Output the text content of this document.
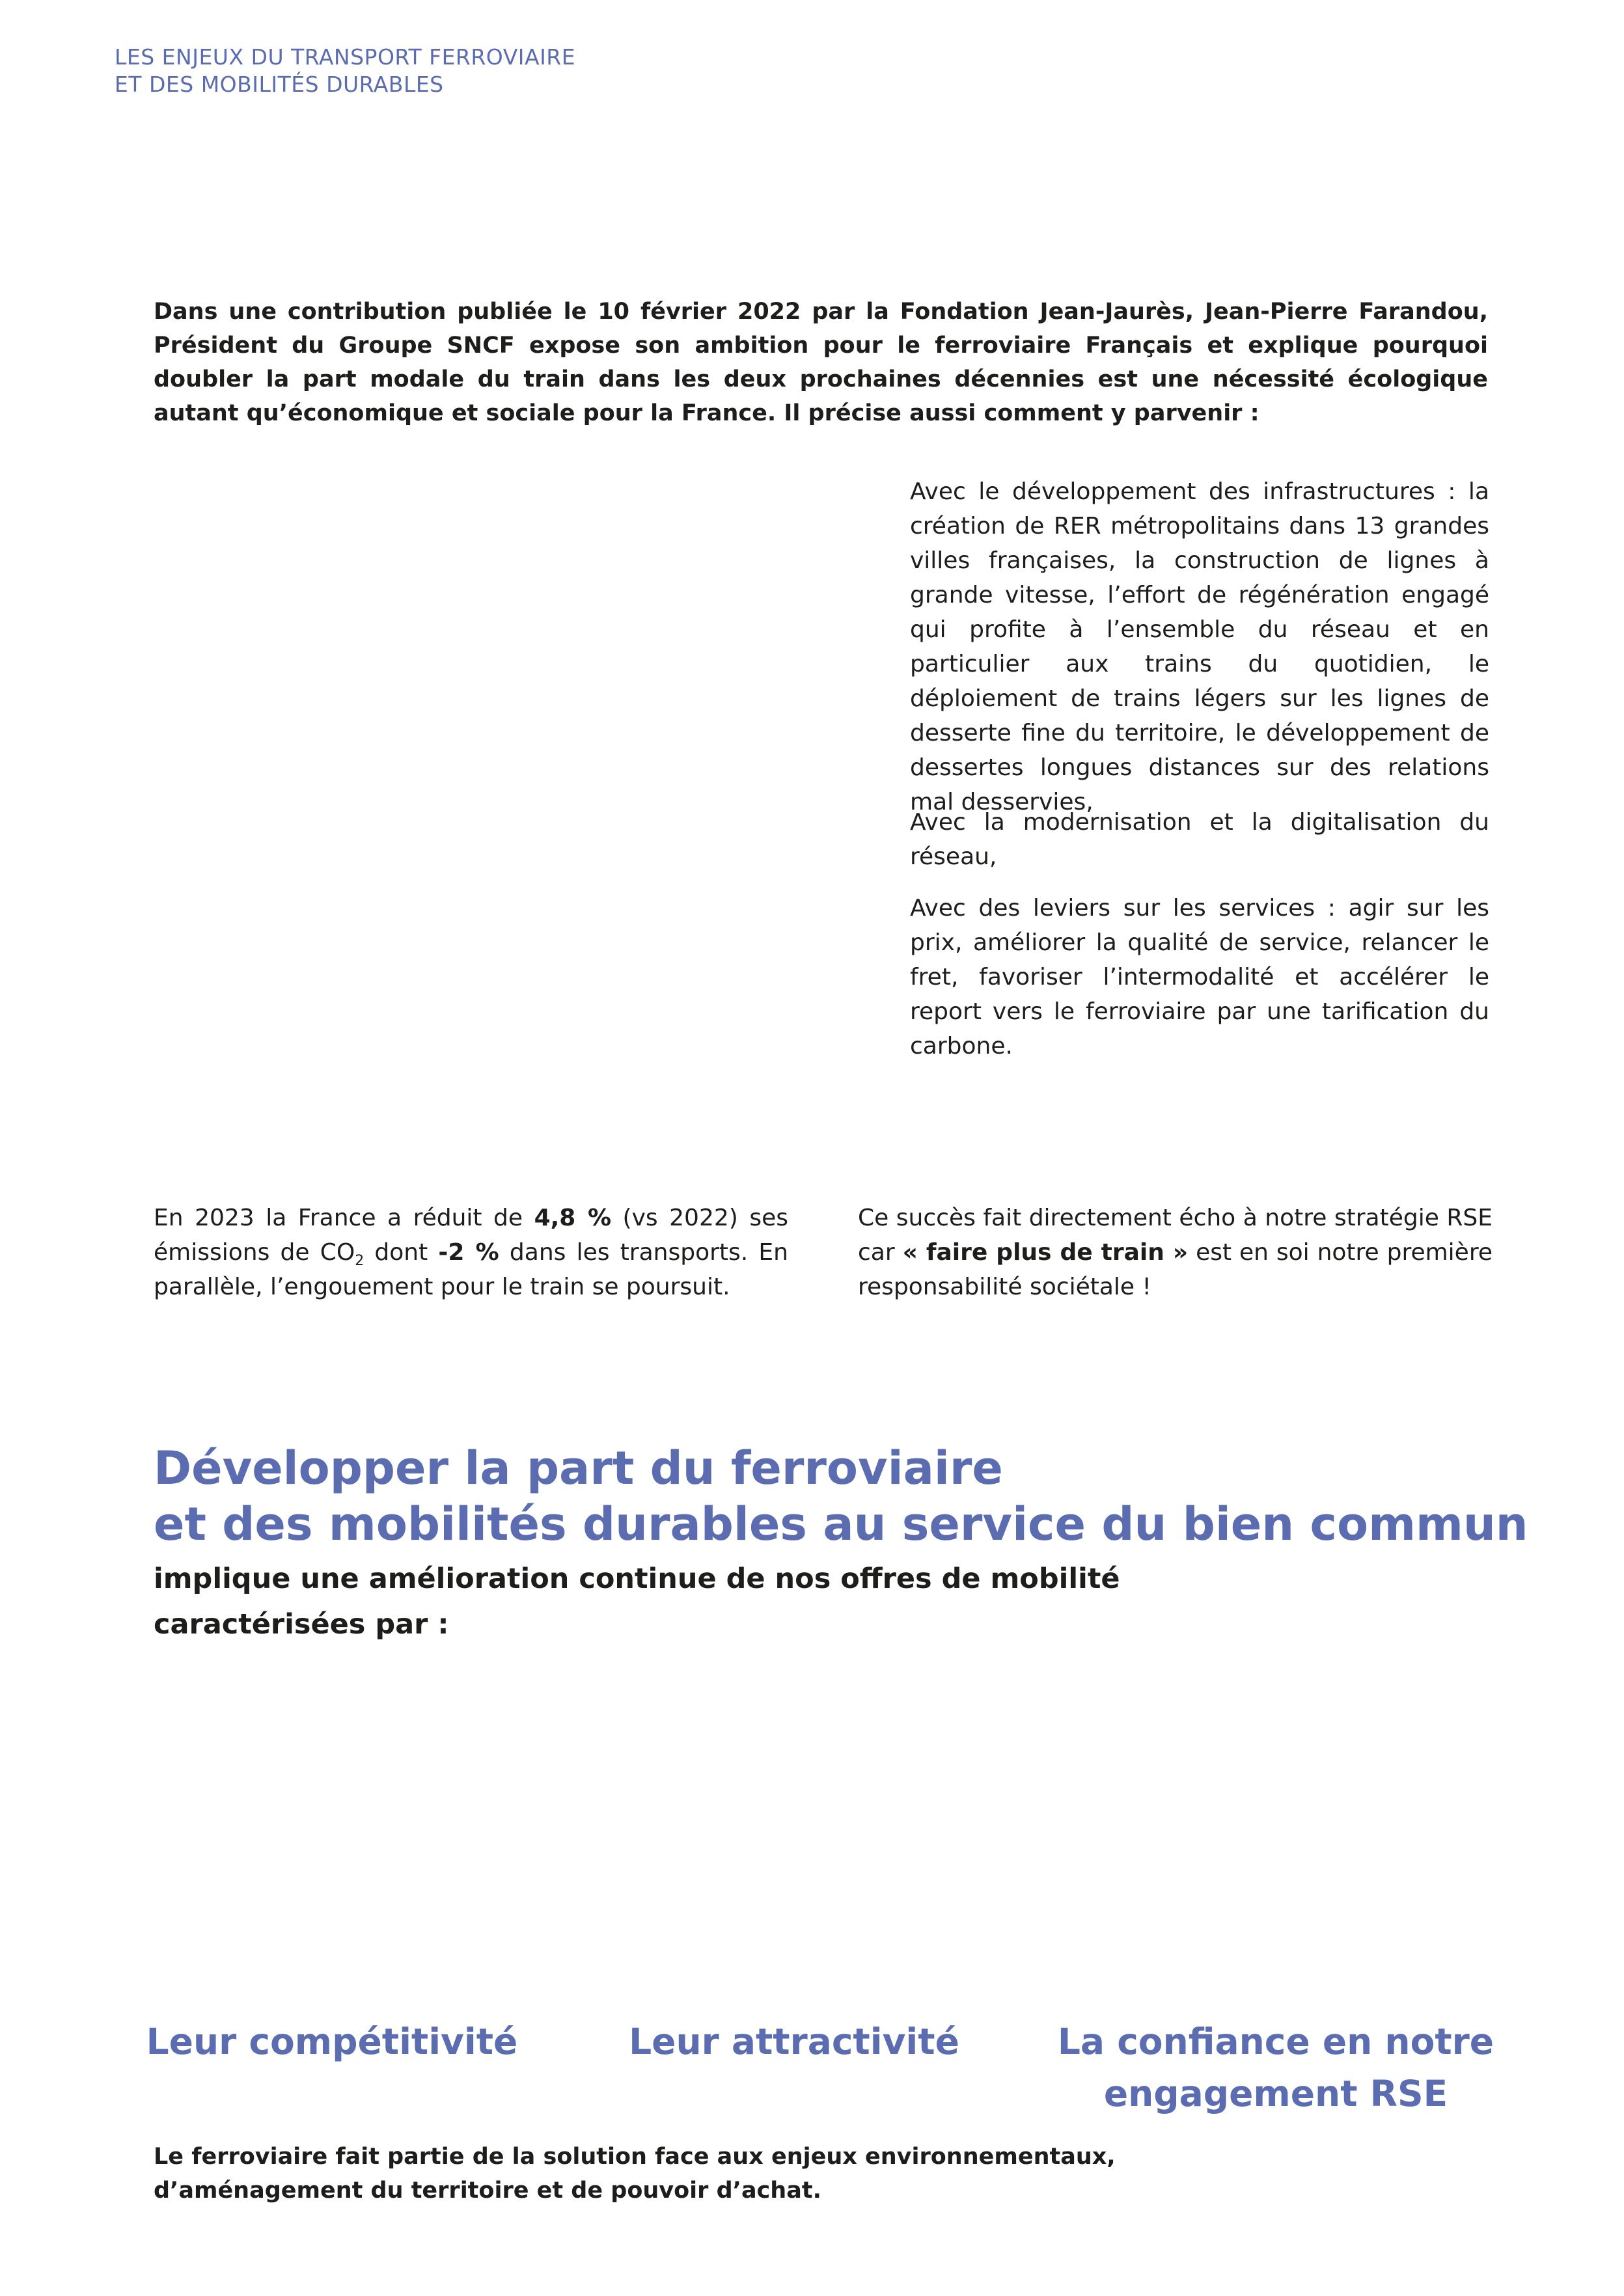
LES ENJEUX DU TRANSPORT FERROVIAIRE
ET DES MOBILITÉS DURABLES
Dans une contribution publiée le 10 février 2022 par la Fondation Jean-Jaurès, Jean-Pierre Farandou, Président du Groupe SNCF expose son ambition pour le ferroviaire Français et explique pourquoi doubler la part modale du train dans les deux prochaines décennies est une nécessité écologique autant qu’économique et sociale pour la France. Il précise aussi comment y parvenir :
Avec le développement des infrastructures : la création de RER métropolitains dans 13 grandes villes françaises, la construction de lignes à grande vitesse, l’effort de régénération engagé qui profite à l’ensemble du réseau et en particulier aux trains du quotidien, le déploiement de trains légers sur les lignes de desserte fine du territoire, le développement de dessertes longues distances sur des relations mal desservies,
Avec la modernisation et la digitalisation du réseau,
Avec des leviers sur les services : agir sur les prix, améliorer la qualité de service, relancer le fret, favoriser l’intermodalité et accélérer le report vers le ferroviaire par une tarification du carbone.
En 2023 la France a réduit de 4,8 % (vs 2022) ses émissions de $CO_2$ dont -2 % dans les transports. En parallèle, l’engouement pour le train se poursuit.
Ce succès fait directement écho à notre stratégie RSE car « faire plus de train » est en soi notre première responsabilité sociétale !
Développer la part du ferroviaire
et des mobilités durables au service du bien commun
implique une amélioration continue de nos offres de mobilité
caractérisées par :
Leur compétitivité	Leur attractivité	La confiance en notre
engagement RSE
Le ferroviaire fait partie de la solution face aux enjeux environnementaux,
d’aménagement du territoire et de pouvoir d’achat.
